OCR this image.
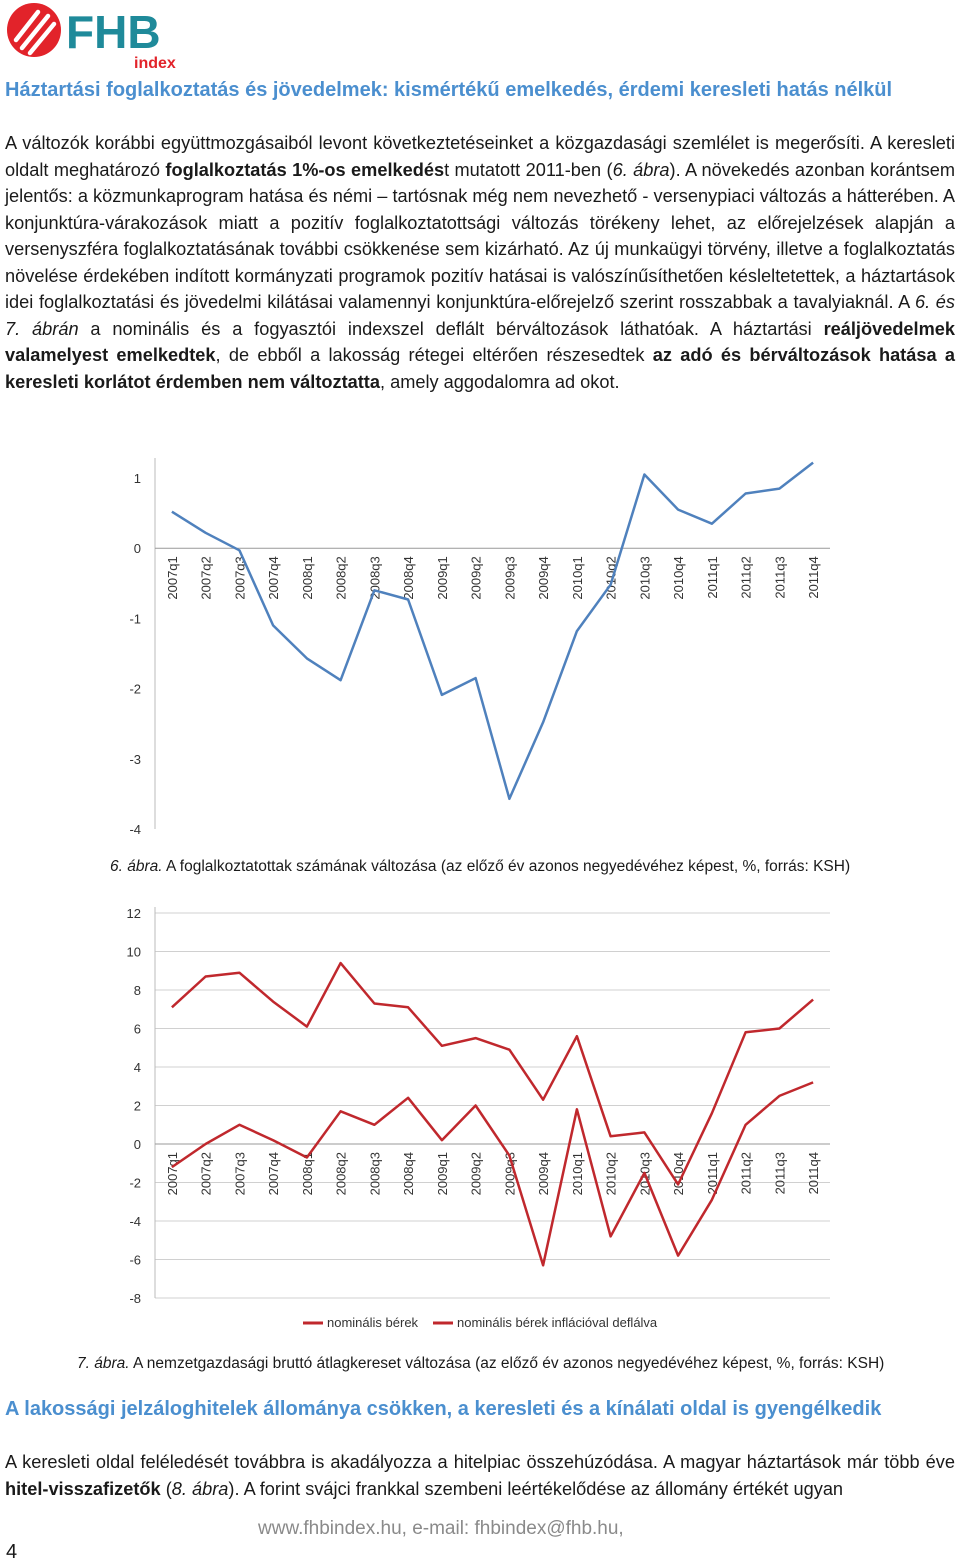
FHB
index
Háztartási foglalkoztatás és jövedelmek: kismértékű emelkedés, érdemi keresleti hatás nélkül

A változók korábbi együttmozgásaiból levont következtetéseinket a közgazdasági szemlélet is megerősíti. A keresleti oldalt meghatározó foglalkoztatás 1%-os emelkedést mutatott 2011-ben (6. ábra). A növekedés azonban korántsem jelentős: a közmunkaprogram hatása és némi – tartósnak még nem nevezhető - versenypiaci változás a hátterében. A konjunktúra-várakozások miatt a pozitív foglalkoztatottsági változás törékeny lehet, az előrejelzések alapján a versenyszféra foglalkoztatásának további csökkenése sem kizárható. Az új munkaügyi törvény, illetve a foglalkoztatás növelése érdekében indított kormányzati programok pozitív hatásai is valószínűsíthetően késleltetettek, a háztartások idei foglalkoztatási és jövedelmi kilátásai valamennyi konjunktúra-előrejelző szerint rosszabbak a tavalyiaknál. A 6. és 7. ábrán a nominális és a fogyasztói indexszel deflált bérváltozások láthatóak. A háztartási reáljövedelmek valamelyest emelkedtek, de ebből a lakosság rétegei eltérően részesedtek az adó és bérváltozások hatása a keresleti korlátot érdemben nem változtatta, amely aggodalomra ad okot.

1
0
-1
-2
-3
-4
2007q1 2007q2 2007q3 2007q4 2008q1 2008q2 2008q3 2008q4 2009q1 2009q2 2009q3 2009q4 2010q1 2010q2 2010q3 2010q4 2011q1 2011q2 2011q3 2011q4

6. ábra. A foglalkoztatottak számának változása (az előző év azonos negyedévéhez képest, %, forrás: KSH)

12
10
8
6
4
2
0
-2
-4
-6
-8
2007q1 2007q2 2007q3 2007q4 2008q1 2008q2 2008q3 2008q4 2009q1 2009q2 2009q3 2009q4 2010q1 2010q2 2010q3 2010q4 2011q1 2011q2 2011q3 2011q4
nominális bérek	nominális bérek inflációval deflálva

7. ábra. A nemzetgazdasági bruttó átlagkereset változása (az előző év azonos negyedévéhez képest, %, forrás: KSH)

A lakossági jelzáloghitelek állománya csökken, a keresleti és a kínálati oldal is gyengélkedik

A keresleti oldal feléledését továbbra is akadályozza a hitelpiac összehúzódása. A magyar háztartások már több éve hitel-visszafizetők (8. ábra). A forint svájci frankkal szembeni leértékelődése az állomány értékét ugyan

www.fhbindex.hu, e-mail: fhbindex@fhb.hu,
4
